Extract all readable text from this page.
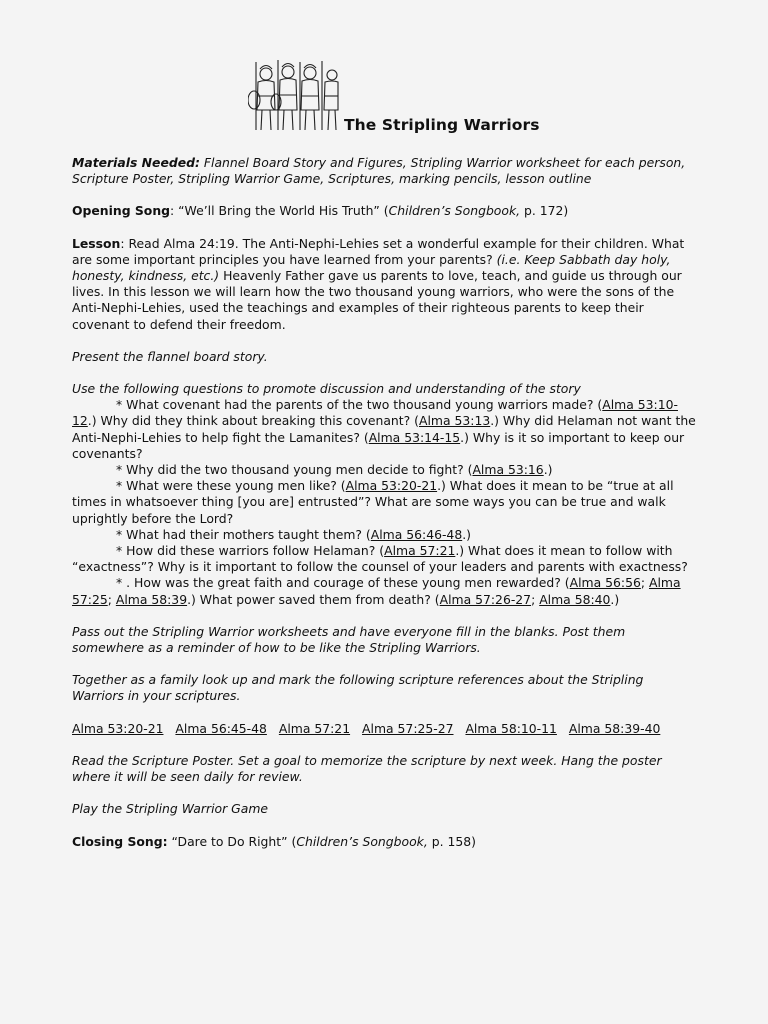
The Stripling Warriors

Materials Needed: Flannel Board Story and Figures, Stripling Warrior worksheet for each person, Scripture Poster, Stripling Warrior Game, Scriptures, marking pencils, lesson outline

Opening Song: “We’ll Bring the World His Truth” (Children’s Songbook, p. 172)

Lesson: Read Alma 24:19. The Anti-Nephi-Lehies set a wonderful example for their children. What are some important principles you have learned from your parents? (i.e. Keep Sabbath day holy, honesty, kindness, etc.) Heavenly Father gave us parents to love, teach, and guide us through our lives. In this lesson we will learn how the two thousand young warriors, who were the sons of the Anti-Nephi-Lehies, used the teachings and examples of their righteous parents to keep their covenant to defend their freedom.

Present the flannel board story.

Use the following questions to promote discussion and understanding of the story

* What covenant had the parents of the two thousand young warriors made? (Alma 53:10-12.) Why did they think about breaking this covenant? (Alma 53:13.) Why did Helaman not want the Anti-Nephi-Lehies to help fight the Lamanites? (Alma 53:14-15.) Why is it so important to keep our covenants?

* Why did the two thousand young men decide to fight? (Alma 53:16.)

* What were these young men like? (Alma 53:20-21.) What does it mean to be “true at all times in whatsoever thing [you are] entrusted”? What are some ways you can be true and walk uprightly before the Lord?

* What had their mothers taught them? (Alma 56:46-48.)

* How did these warriors follow Helaman? (Alma 57:21.) What does it mean to follow with “exactness”? Why is it important to follow the counsel of your leaders and parents with exactness?

* . How was the great faith and courage of these young men rewarded? (Alma 56:56; Alma 57:25; Alma 58:39.) What power saved them from death? (Alma 57:26-27; Alma 58:40.)

Pass out the Stripling Warrior worksheets and have everyone fill in the blanks. Post them somewhere as a reminder of how to be like the Stripling Warriors.

Together as a family look up and mark the following scripture references about the Stripling Warriors in your scriptures.

Alma 53:20-21 Alma 56:45-48 Alma 57:21 Alma 57:25-27 Alma 58:10-11 Alma 58:39-40

Read the Scripture Poster. Set a goal to memorize the scripture by next week. Hang the poster where it will be seen daily for review.

Play the Stripling Warrior Game

Closing Song: “Dare to Do Right” (Children’s Songbook, p. 158)
